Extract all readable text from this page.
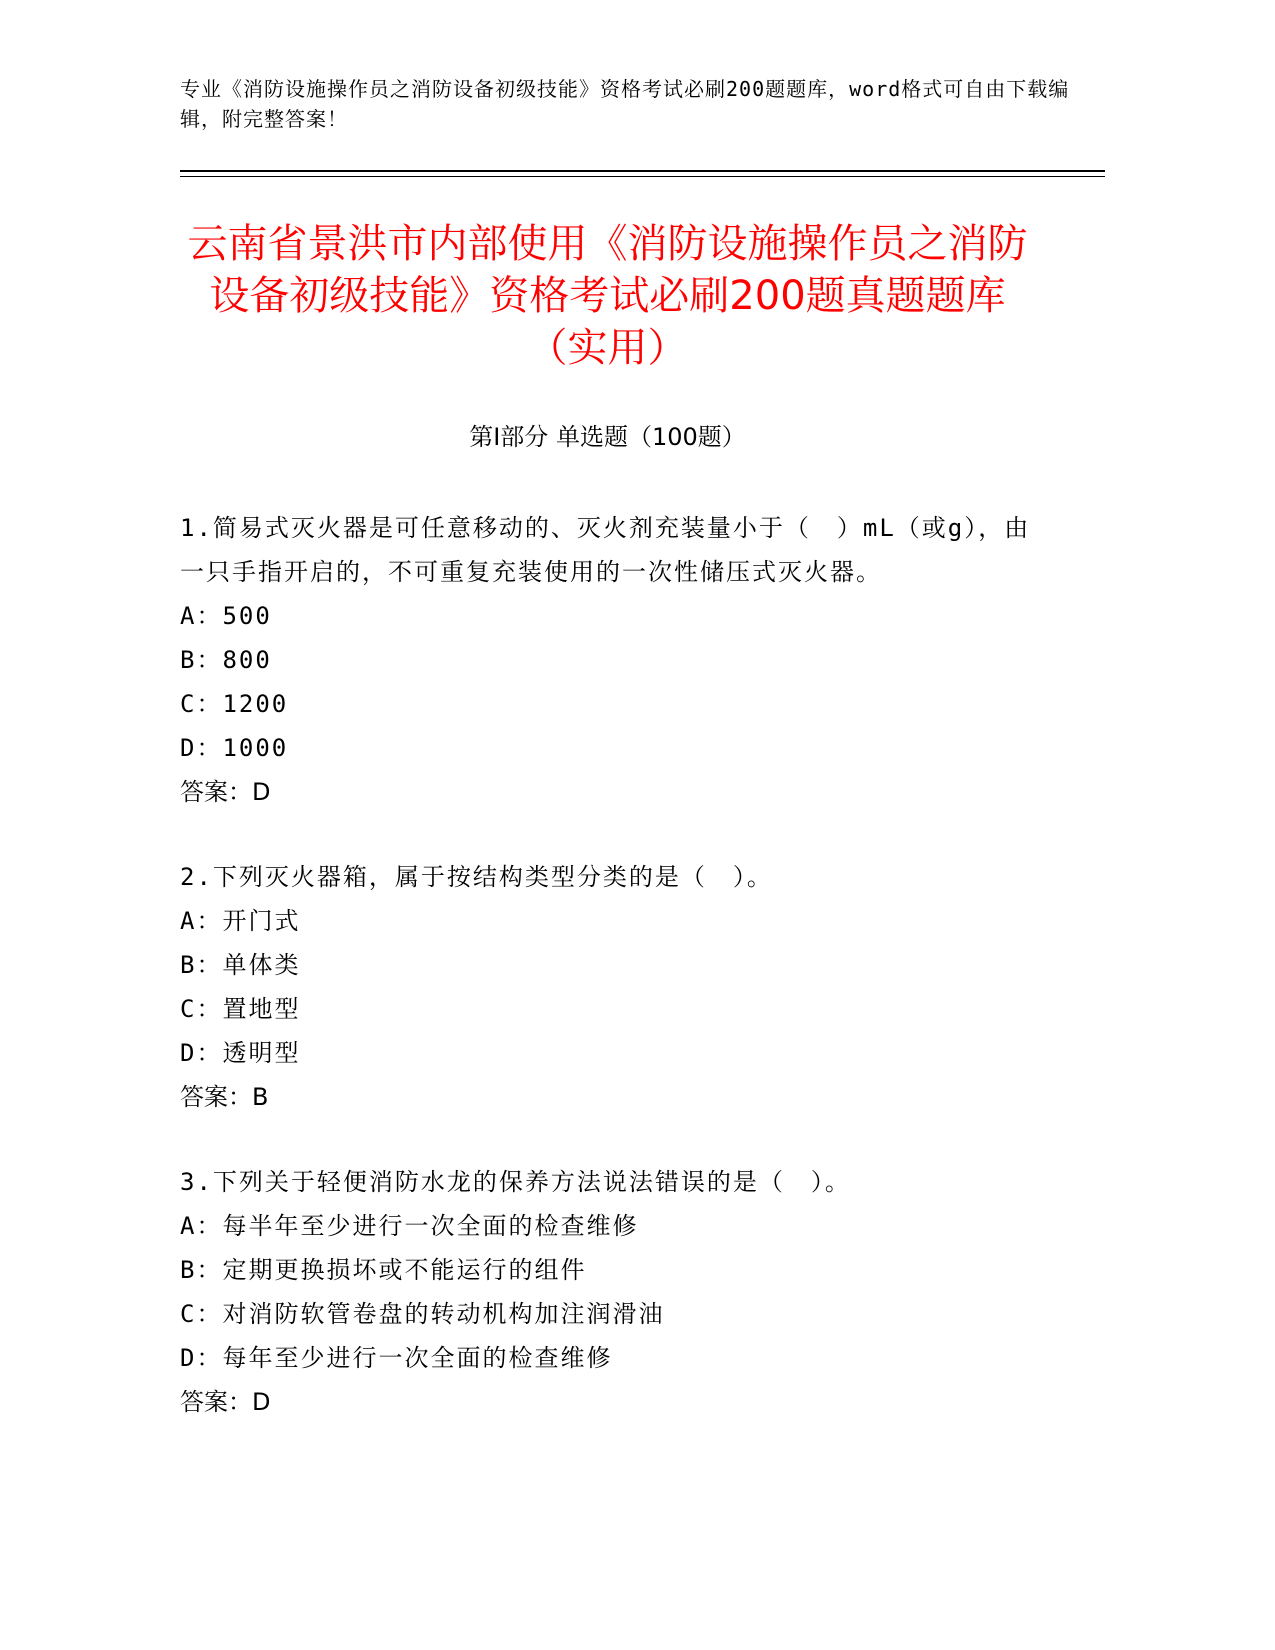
专业《消防设施操作员之消防设备初级技能》资格考试必刷200题题库，word格式可自由下载编辑，附完整答案！
云南省景洪市内部使用《消防设施操作员之消防设备初级技能》资格考试必刷200题真题题库（实用）
第Ⅰ部分 单选题（100题）

1.简易式灭火器是可任意移动的、灭火剂充装量小于（　）mL（或g），由一只手指开启的，不可重复充装使用的一次性储压式灭火器。

A：500

B：800

C：1200

D：1000

答案：D

2.下列灭火器箱，属于按结构类型分类的是（　）。

A：开门式

B：单体类

C：置地型

D：透明型

答案：B

3.下列关于轻便消防水龙的保养方法说法错误的是（　）。

A：每半年至少进行一次全面的检查维修

B：定期更换损坏或不能运行的组件

C：对消防软管卷盘的转动机构加注润滑油

D：每年至少进行一次全面的检查维修

答案：D
